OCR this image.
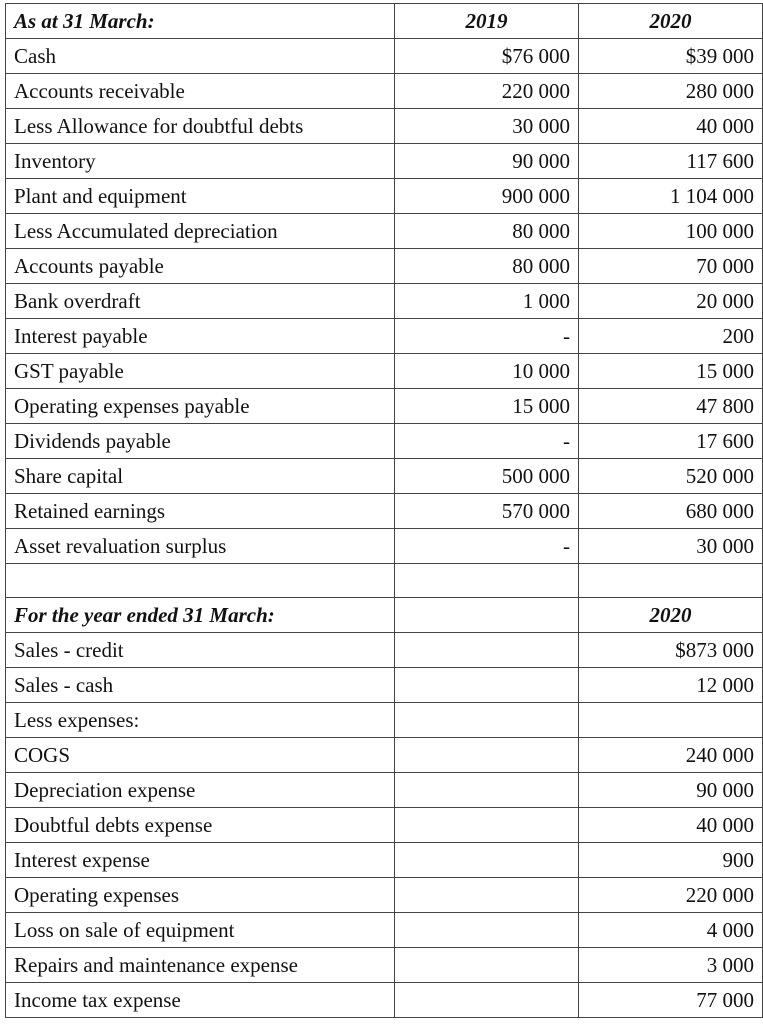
As at 31 March:	2019	2020
Cash	$76 000	$39 000
Accounts receivable	220 000	280 000
Less Allowance for doubtful debts	30 000	40 000
Inventory	90 000	117 600
Plant and equipment	900 000	1 104 000
Less Accumulated depreciation	80 000	100 000
Accounts payable	80 000	70 000
Bank overdraft	1 000	20 000
Interest payable	-	200
GST payable	10 000	15 000
Operating expenses payable	15 000	47 800
Dividends payable	-	17 600
Share capital	500 000	520 000
Retained earnings	570 000	680 000
Asset revaluation surplus	-	30 000

For the year ended 31 March:		2020
Sales - credit		$873 000
Sales - cash		12 000
Less expenses:		
COGS		240 000
Depreciation expense		90 000
Doubtful debts expense		40 000
Interest expense		900
Operating expenses		220 000
Loss on sale of equipment		4 000
Repairs and maintenance expense		3 000
Income tax expense		77 000
